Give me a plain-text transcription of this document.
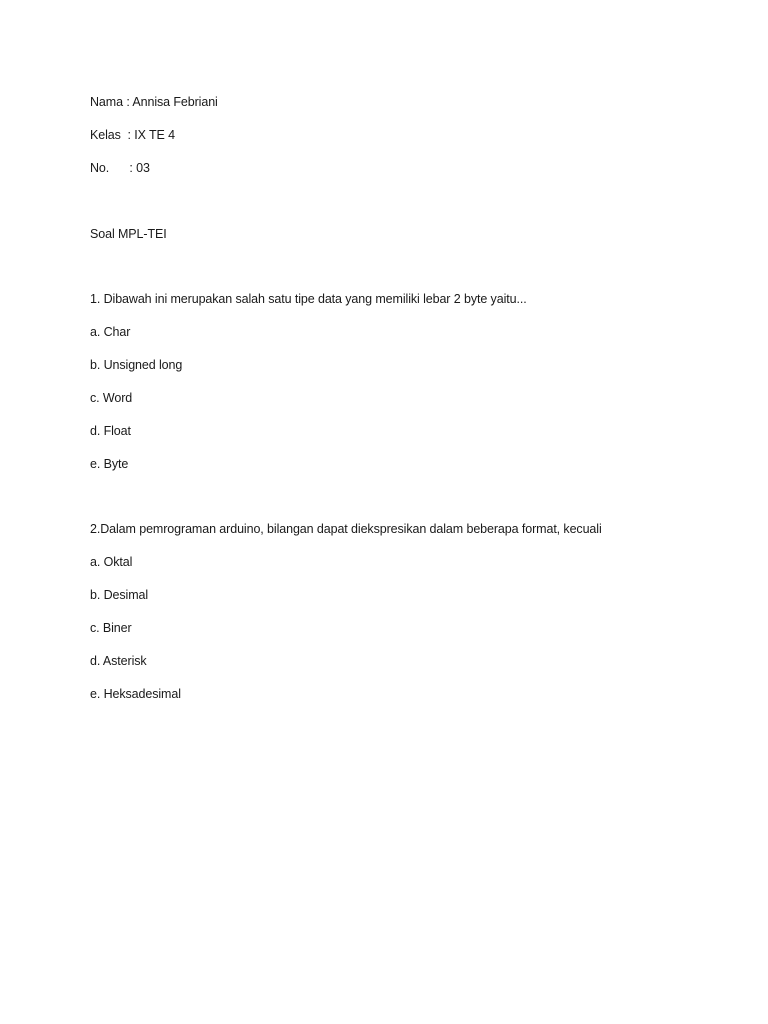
Nama : Annisa Febriani
Kelas  : IX TE 4
No.      : 03
Soal MPL-TEI
1. Dibawah ini merupakan salah satu tipe data yang memiliki lebar 2 byte yaitu...
a. Char
b. Unsigned long
c. Word
d. Float
e. Byte
2.Dalam pemrograman arduino, bilangan dapat diekspresikan dalam beberapa format, kecuali
a. Oktal
b. Desimal
c. Biner
d. Asterisk
e. Heksadesimal
